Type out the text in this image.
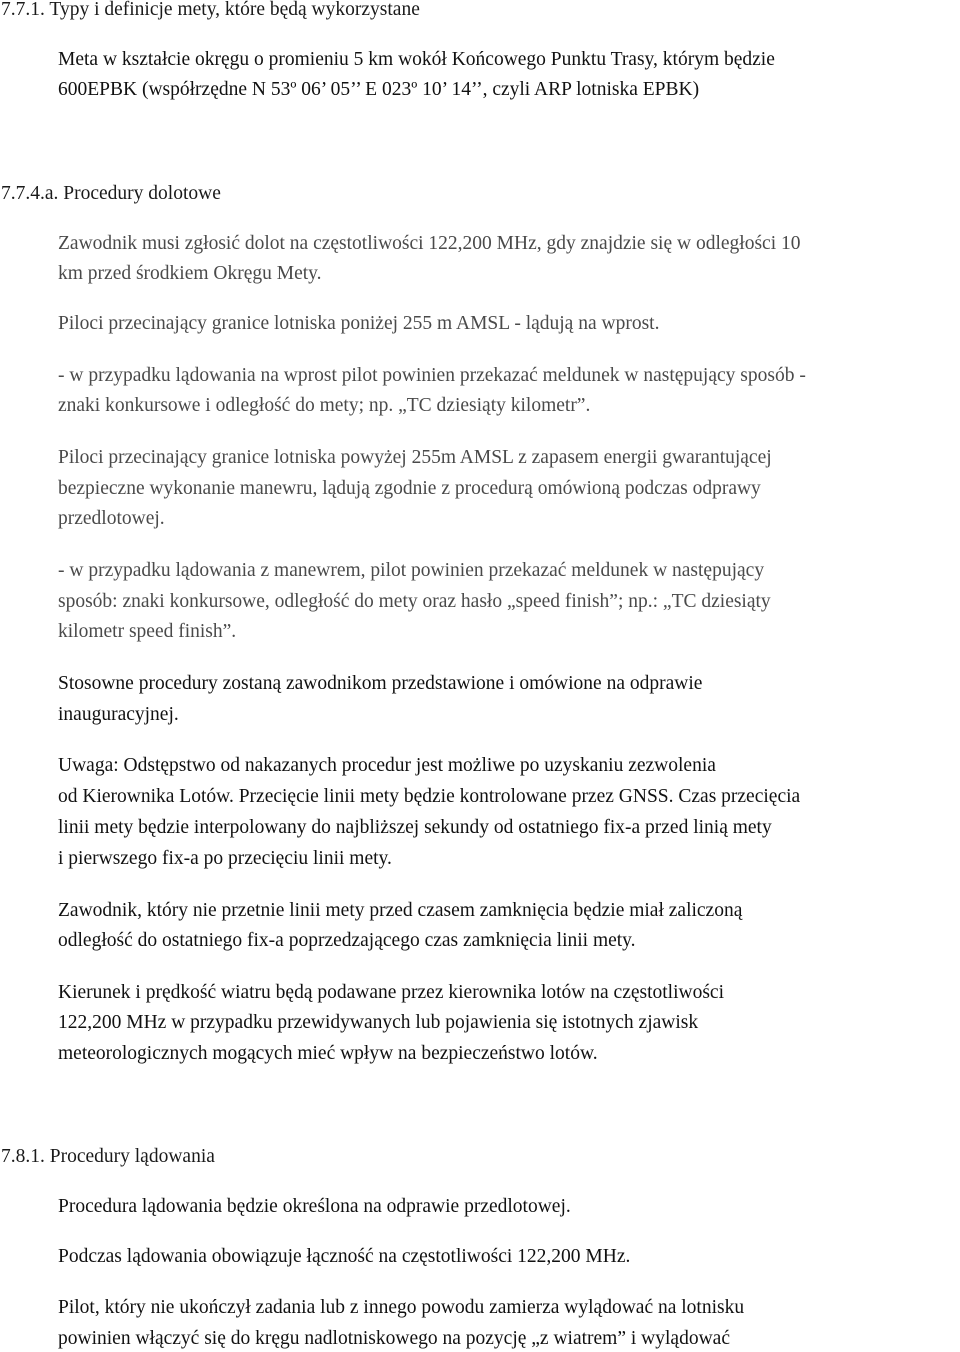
7.7.1. Typy i definicje mety, które będą wykorzystane
Meta w kształcie okręgu o promieniu 5 km wokół Końcowego Punktu Trasy, którym będzie
600EPBK (współrzędne N 53º 06’ 05’’ E 023º 10’ 14’’, czyli ARP lotniska EPBK)
7.7.4.a. Procedury dolotowe
Zawodnik musi zgłosić dolot na częstotliwości 122,200 MHz, gdy znajdzie się w odległości 10
km przed środkiem Okręgu Mety.
Piloci przecinający granice lotniska poniżej 255 m AMSL - lądują na wprost.
- w przypadku lądowania na wprost pilot powinien przekazać meldunek w następujący sposób -
znaki konkursowe i odległość do mety; np. „TC dziesiąty kilometr”.
Piloci przecinający granice lotniska powyżej 255m AMSL z zapasem energii gwarantującej
bezpieczne wykonanie manewru, lądują zgodnie z procedurą omówioną podczas odprawy
przedlotowej.
- w przypadku lądowania z manewrem, pilot powinien przekazać meldunek w następujący
sposób: znaki konkursowe, odległość do mety oraz hasło „speed finish”; np.: „TC dziesiąty
kilometr speed finish”.
Stosowne procedury zostaną zawodnikom przedstawione i omówione na odprawie
inauguracyjnej.
Uwaga: Odstępstwo od nakazanych procedur jest możliwe po uzyskaniu zezwolenia
od Kierownika Lotów. Przecięcie linii mety będzie kontrolowane przez GNSS. Czas przecięcia
linii mety będzie interpolowany do najbliższej sekundy od ostatniego fix-a przed linią mety
i pierwszego fix-a po przecięciu linii mety.
Zawodnik, który nie przetnie linii mety przed czasem zamknięcia będzie miał zaliczoną
odległość do ostatniego fix-a poprzedzającego czas zamknięcia linii mety.
Kierunek i prędkość wiatru będą podawane przez kierownika lotów na częstotliwości
122,200 MHz w przypadku przewidywanych lub pojawienia się istotnych zjawisk
meteorologicznych mogących mieć wpływ na bezpieczeństwo lotów.
7.8.1. Procedury lądowania
Procedura lądowania będzie określona na odprawie przedlotowej.
Podczas lądowania obowiązuje łączność na częstotliwości 122,200 MHz.
Pilot, który nie ukończył zadania lub z innego powodu zamierza wylądować na lotnisku
powinien włączyć się do kręgu nadlotniskowego na pozycję „z wiatrem” i wylądować
